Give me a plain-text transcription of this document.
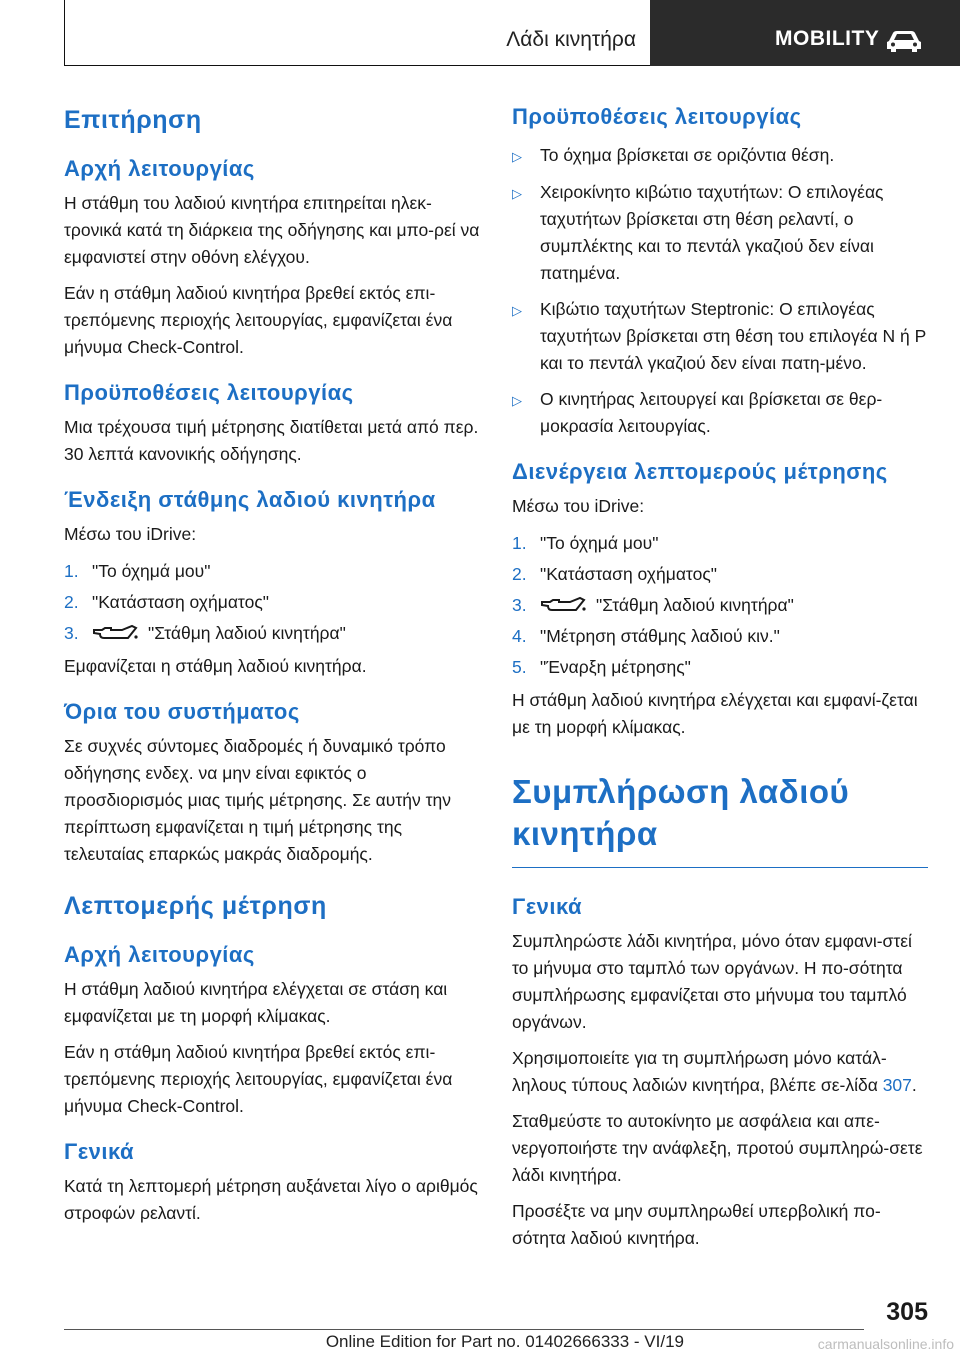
Λάδι κινητήρα	MOBILITY
Επιτήρηση
Αρχή λειτουργίας

Η στάθμη του λαδιού κινητήρα επιτηρείται ηλεκ-τρονικά κατά τη διάρκεια της οδήγησης και μπο-ρεί να εμφανιστεί στην οθόνη ελέγχου.

Εάν η στάθμη λαδιού κινητήρα βρεθεί εκτός επι-τρεπόμενης περιοχής λειτουργίας, εμφανίζεται ένα μήνυμα Check-Control.

Προϋποθέσεις λειτουργίας

Μια τρέχουσα τιμή μέτρησης διατίθεται μετά από περ. 30 λεπτά κανονικής οδήγησης.

Ένδειξη στάθμης λαδιού κινητήρα

Μέσω του iDrive:

1. "Το όχημά μου"
2. "Κατάσταση οχήματος"
3.	"Στάθμη λαδιού κινητήρα"

Εμφανίζεται η στάθμη λαδιού κινητήρα.

Όρια του συστήματος

Σε συχνές σύντομες διαδρομές ή δυναμικό τρόπο οδήγησης ενδεχ. να μην είναι εφικτός ο προσδιορισμός μιας τιμής μέτρησης. Σε αυτήν την περίπτωση εμφανίζεται η τιμή μέτρησης της τελευταίας επαρκώς μακράς διαδρομής.

Λεπτομερής μέτρηση
Αρχή λειτουργίας

Η στάθμη λαδιού κινητήρα ελέγχεται σε στάση και εμφανίζεται με τη μορφή κλίμακας.

Εάν η στάθμη λαδιού κινητήρα βρεθεί εκτός επι-τρεπόμενης περιοχής λειτουργίας, εμφανίζεται ένα μήνυμα Check-Control.

Γενικά

Κατά τη λεπτομερή μέτρηση αυξάνεται λίγο ο αριθμός στροφών ρελαντί.

Προϋποθέσεις λειτουργίας
▷	Το όχημα βρίσκεται σε οριζόντια θέση.
▷	Χειροκίνητο κιβώτιο ταχυτήτων: Ο επιλογέας ταχυτήτων βρίσκεται στη θέση ρελαντί, ο συμπλέκτης και το πεντάλ γκαζιού δεν είναι πατημένα.
▷	Κιβώτιο ταχυτήτων Steptronic: Ο επιλογέας ταχυτήτων βρίσκεται στη θέση του επιλογέα N ή P και το πεντάλ γκαζιού δεν είναι πατη-μένο.
▷	Ο κινητήρας λειτουργεί και βρίσκεται σε θερ-μοκρασία λειτουργίας.
Διενέργεια λεπτομερούς μέτρησης

Μέσω του iDrive:

1. "Το όχημά μου"
2. "Κατάσταση οχήματος"
3.	"Στάθμη λαδιού κινητήρα"
4. "Μέτρηση στάθμης λαδιού κιν."
5. "Έναρξη μέτρησης"

Η στάθμη λαδιού κινητήρα ελέγχεται και εμφανί-ζεται με τη μορφή κλίμακας.

Συμπλήρωση λαδιού κινητήρα
Γενικά

Συμπληρώστε λάδι κινητήρα, μόνο όταν εμφανι-στεί το μήνυμα στο ταμπλό των οργάνων. Η πο-σότητα συμπλήρωσης εμφανίζεται στο μήνυμα του ταμπλό οργάνων.

Χρησιμοποιείτε για τη συμπλήρωση μόνο κατάλ-ληλους τύπους λαδιών κινητήρα, βλέπε σε-λίδα 307.

Σταθμεύστε το αυτοκίνητο με ασφάλεια και απε-νεργοποιήστε την ανάφλεξη, προτού συμπληρώ-σετε λάδι κινητήρα.

Προσέξτε να μην συμπληρωθεί υπερβολική πο-σότητα λαδιού κινητήρα.

305
Online Edition for Part no. 01402666333 - VI/19	carmanualsonline.info
